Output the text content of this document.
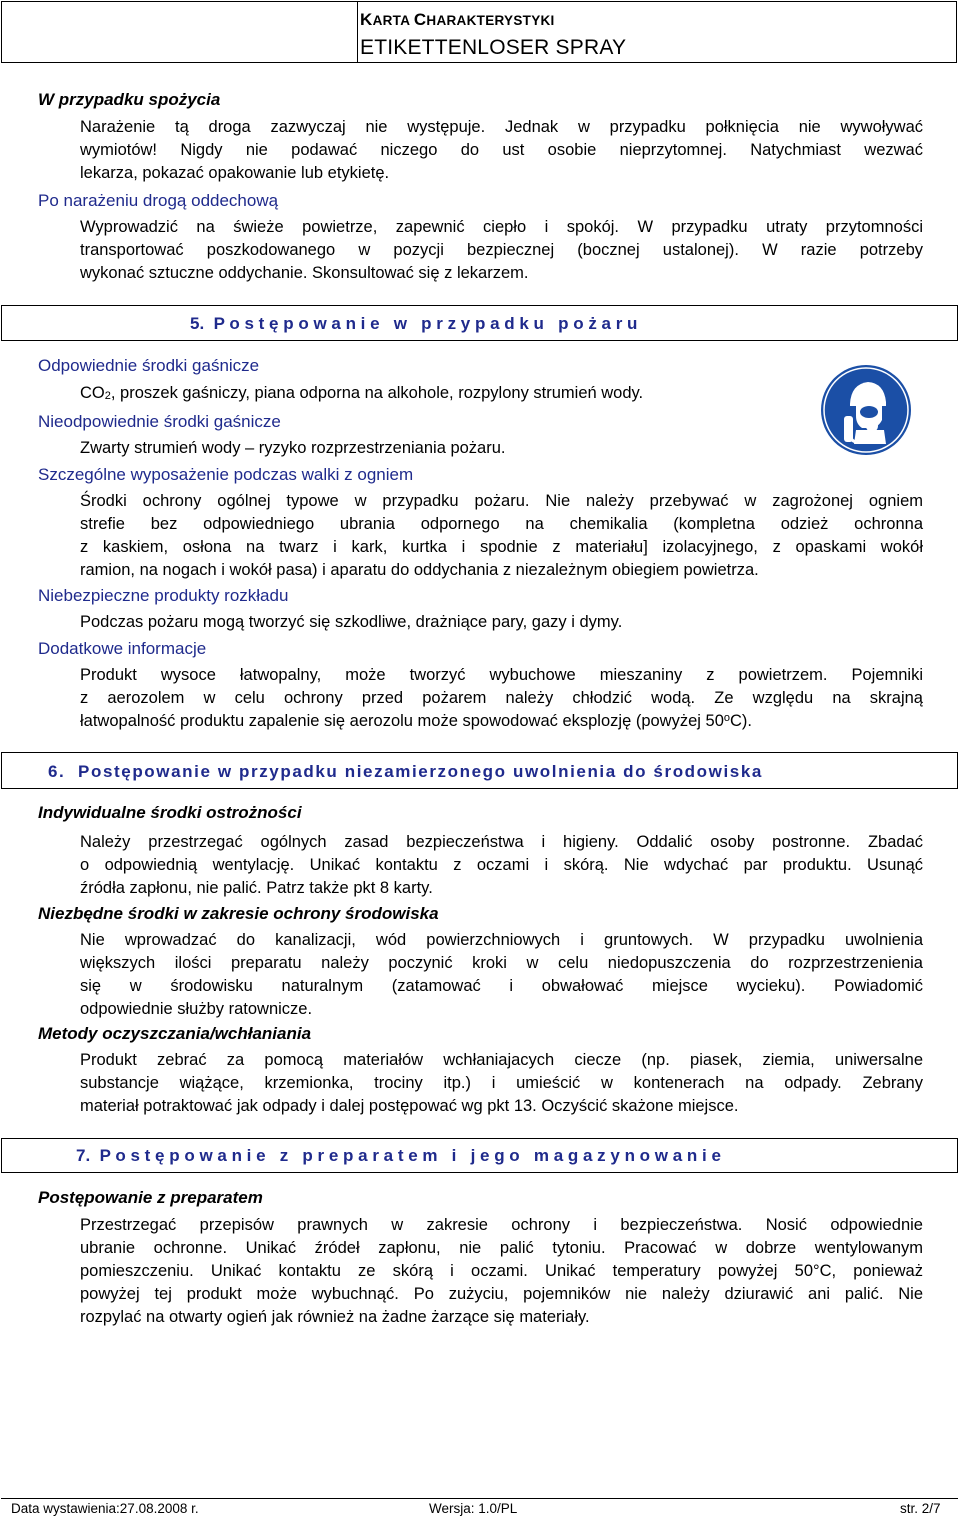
KARTA CHARAKTERYSTYKI
ETIKETTENLOSER SPRAY
W przypadku spożycia
Narażenie tą droga zazwyczaj nie występuje. Jednak w przypadku połknięcia nie wywoływać
wymiotów! Nigdy nie podawać niczego do ust osobie nieprzytomnej. Natychmiast wezwać
lekarza, pokazać opakowanie lub etykietę.
Po narażeniu drogą oddechową
Wyprowadzić na świeże powietrze, zapewnić ciepło i spokój. W przypadku utraty przytomności
transportować poszkodowanego w pozycji bezpiecznej (bocznej ustalonej). W razie potrzeby
wykonać sztuczne oddychanie. Skonsultować się z lekarzem.
5.  P o s t ę p o w a n i e   w   p r z y p a d k u   p o ż a r u
Odpowiednie środki gaśnicze
CO2, proszek gaśniczy, piana odporna na alkohole, rozpylony strumień wody.
Nieodpowiednie środki gaśnicze
Zwarty strumień wody – ryzyko rozprzestrzeniania pożaru.
Szczególne wyposażenie podczas walki z ogniem
Środki ochrony ogólnej typowe w przypadku pożaru. Nie należy przebywać w zagrożonej ogniem
strefie bez odpowiedniego ubrania odpornego na chemikalia (kompletna odzież ochronna
z kaskiem, osłona na twarz i kark, kurtka i spodnie z materiału] izolacyjnego, z opaskami wokół
ramion, na nogach i wokół pasa) i aparatu do oddychania z niezależnym obiegiem powietrza.
Niebezpieczne produkty rozkładu
Podczas pożaru mogą tworzyć się szkodliwe, drażniące pary, gazy i dymy.
Dodatkowe informacje
Produkt wysoce łatwopalny, może tworzyć wybuchowe mieszaniny z powietrzem. Pojemniki
z aerozolem w celu ochrony przed pożarem należy chłodzić wodą. Ze względu na skrajną
łatwopalność produktu zapalenie się aerozolu może spowodować eksplozję (powyżej 50$^o$C).
6.  Postępowanie w przypadku niezamierzonego uwolnienia do środowiska
Indywidualne środki ostrożności
Należy przestrzegać ogólnych zasad bezpieczeństwa i higieny. Oddalić osoby postronne. Zbadać
o odpowiednią wentylację. Unikać kontaktu z oczami i skórą. Nie wdychać par produktu. Usunąć
źródła zapłonu, nie palić. Patrz także pkt 8 karty.
Niezbędne środki w zakresie ochrony środowiska
Nie wprowadzać do kanalizacji, wód powierzchniowych i gruntowych. W przypadku uwolnienia
większych ilości preparatu należy poczynić kroki w celu niedopuszczenia do rozprzestrzenienia
się w środowisku naturalnym (zatamować i obwałować miejsce wycieku). Powiadomić
odpowiednie służby ratownicze.
Metody oczyszczania/wchłaniania
Produkt zebrać za pomocą materiałów wchłaniajacych ciecze (np. piasek, ziemia, uniwersalne
substancje wiążące, krzemionka, trociny itp.) i umieścić w kontenerach na odpady. Zebrany
materiał potraktować jak odpady i dalej postępować wg pkt 13. Oczyścić skażone miejsce.
7.  P o s t ę p o w a n i e   z   p r e p a r a t e m   i   j e g o   m a g a z y n o w a n i e
Postępowanie z preparatem
Przestrzegać przepisów prawnych w zakresie ochrony i bezpieczeństwa. Nosić odpowiednie
ubranie ochronne. Unikać źródeł zapłonu, nie palić tytoniu. Pracować w dobrze wentylowanym
pomieszczeniu. Unikać kontaktu ze skórą i oczami. Unikać temperatury powyżej 50°C, ponieważ
powyżej tej produkt może wybuchnąć. Po zużyciu, pojemników nie należy dziurawić ani palić. Nie
rozpylać na otwarty ogień jak również na żadne żarzące się materiały.
Data wystawienia:27.08.2008 r.	Wersja: 1.0/PL	str. 2/7
